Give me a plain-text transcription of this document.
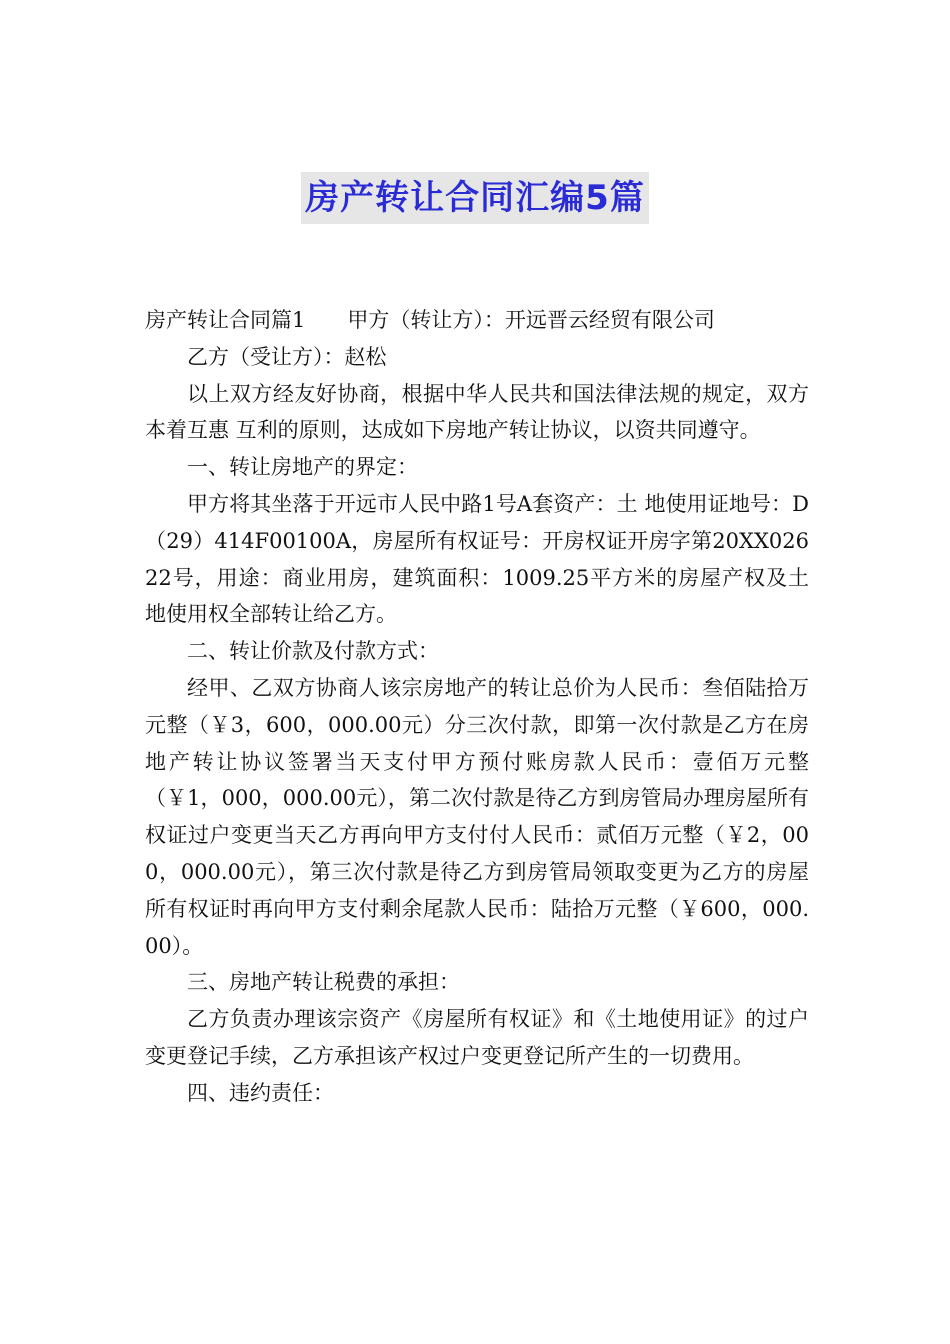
房产转让合同汇编5篇

房产转让合同篇1 甲方（转让方）：开远晋云经贸有限公司

乙方（受让方）：赵松

以上双方经友好协商，根据中华人民共和国法律法规的规定，双方本着互惠 互利的原则，达成如下房地产转让协议，以资共同遵守。

一、转让房地产的界定：

甲方将其坐落于开远市人民中路1号A套资产：土 地使用证地号：D（29）414F00100A，房屋所有权证号：开房权证开房字第20XX02622号，用途：商业用房，建筑面积：1009.25平方米的房屋产权及土 地使用权全部转让给乙方。

二、转让价款及付款方式：

经甲、乙双方协商人该宗房地产的转让总价为人民币：叁佰陆拾万元整（￥3，600，000.00元）分三次付款，即第一次付款是乙方在房地产转让协议签署当天支付甲方预付账房款人民币：壹佰万元整（￥1，000，000.00元），第二次付款是待乙方到房管局办理房屋所有权证过户变更当天乙方再向甲方支付付人民币：贰佰万元整（￥2，000，000.00元），第三次付款是待乙方到房管局领取变更为乙方的房屋所有权证时再向甲方支付剩余尾款人民币：陆拾万元整（￥600，000.00）。

三、房地产转让税费的承担：

乙方负责办理该宗资产《房屋所有权证》和《土地使用证》的过户变更登记手续，乙方承担该产权过户变更登记所产生的一切费用。

四、违约责任：
